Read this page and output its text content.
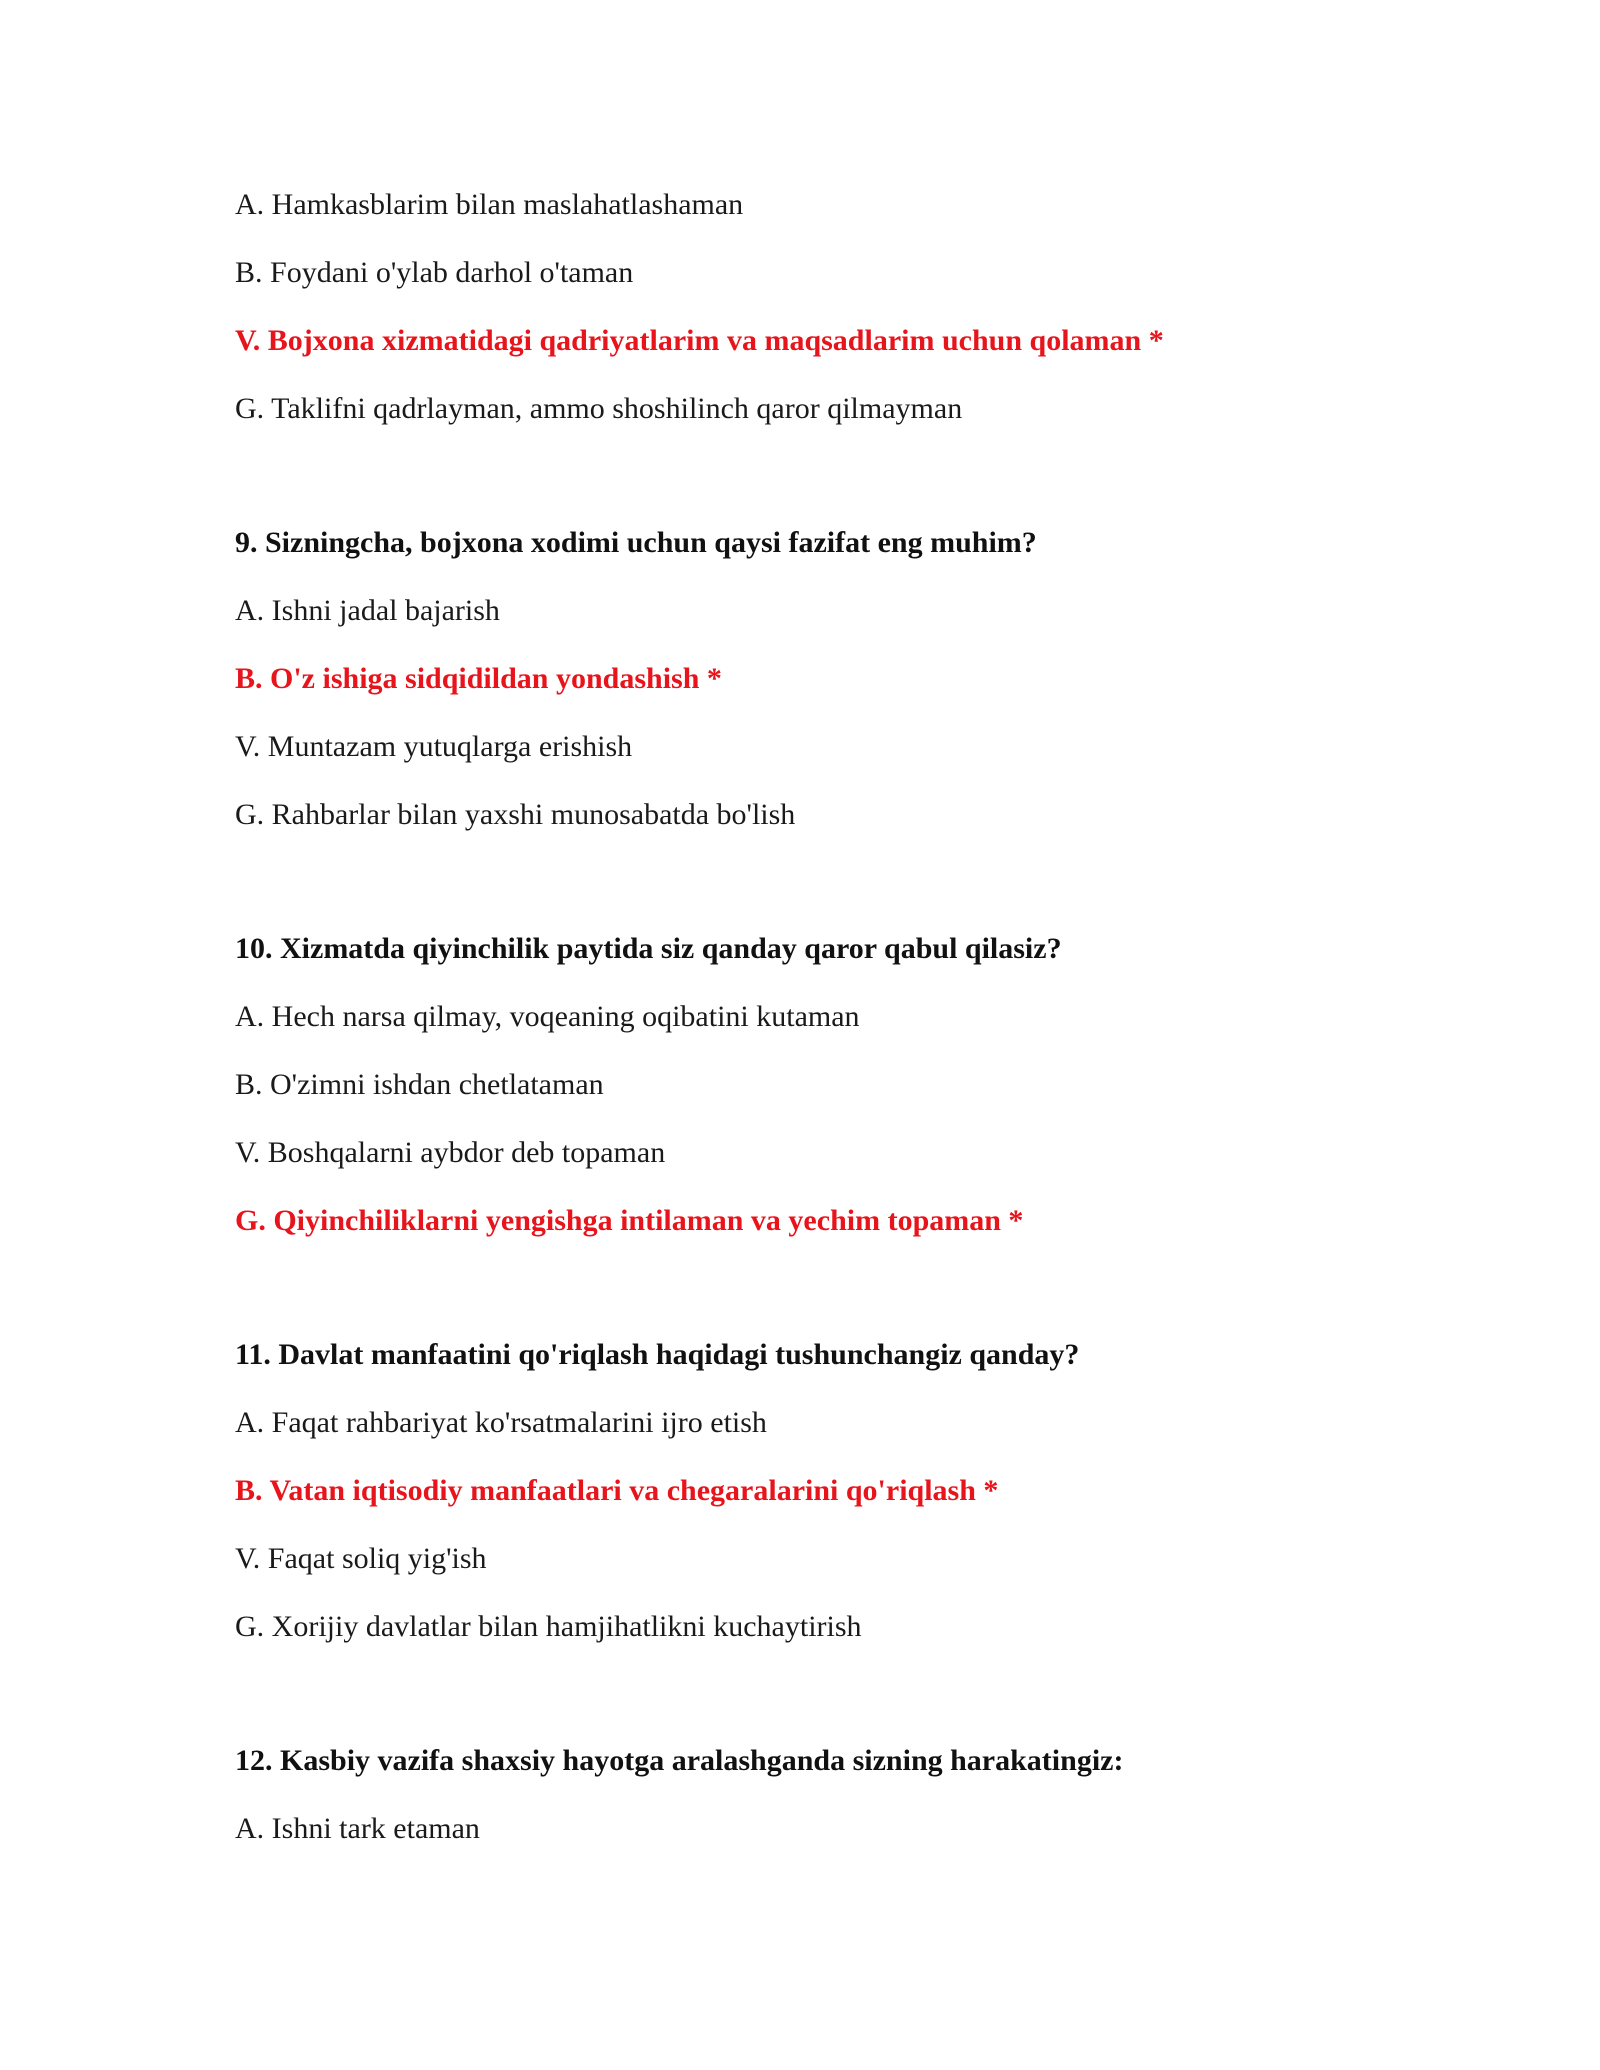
A. Hamkasblarim bilan maslahatlashaman
B. Foydani o'ylab darhol o'taman
V. Bojxona xizmatidagi qadriyatlarim va maqsadlarim uchun qolaman *
G. Taklifni qadrlayman, ammo shoshilinch qaror qilmayman
9. Sizningcha, bojxona xodimi uchun qaysi fazifat eng muhim?
A. Ishni jadal bajarish
B. O'z ishiga sidqidildan yondashish *
V. Muntazam yutuqlarga erishish
G. Rahbarlar bilan yaxshi munosabatda bo'lish
10. Xizmatda qiyinchilik paytida siz qanday qaror qabul qilasiz?
A. Hech narsa qilmay, voqeaning oqibatini kutaman
B. O'zimni ishdan chetlataman
V. Boshqalarni aybdor deb topaman
G. Qiyinchiliklarni yengishga intilaman va yechim topaman *
11. Davlat manfaatini qo'riqlash haqidagi tushunchangiz qanday?
A. Faqat rahbariyat ko'rsatmalarini ijro etish
B. Vatan iqtisodiy manfaatlari va chegaralarini qo'riqlash *
V. Faqat soliq yig'ish
G. Xorijiy davlatlar bilan hamjihatlikni kuchaytirish
12. Kasbiy vazifa shaxsiy hayotga aralashganda sizning harakatingiz:
A. Ishni tark etaman
